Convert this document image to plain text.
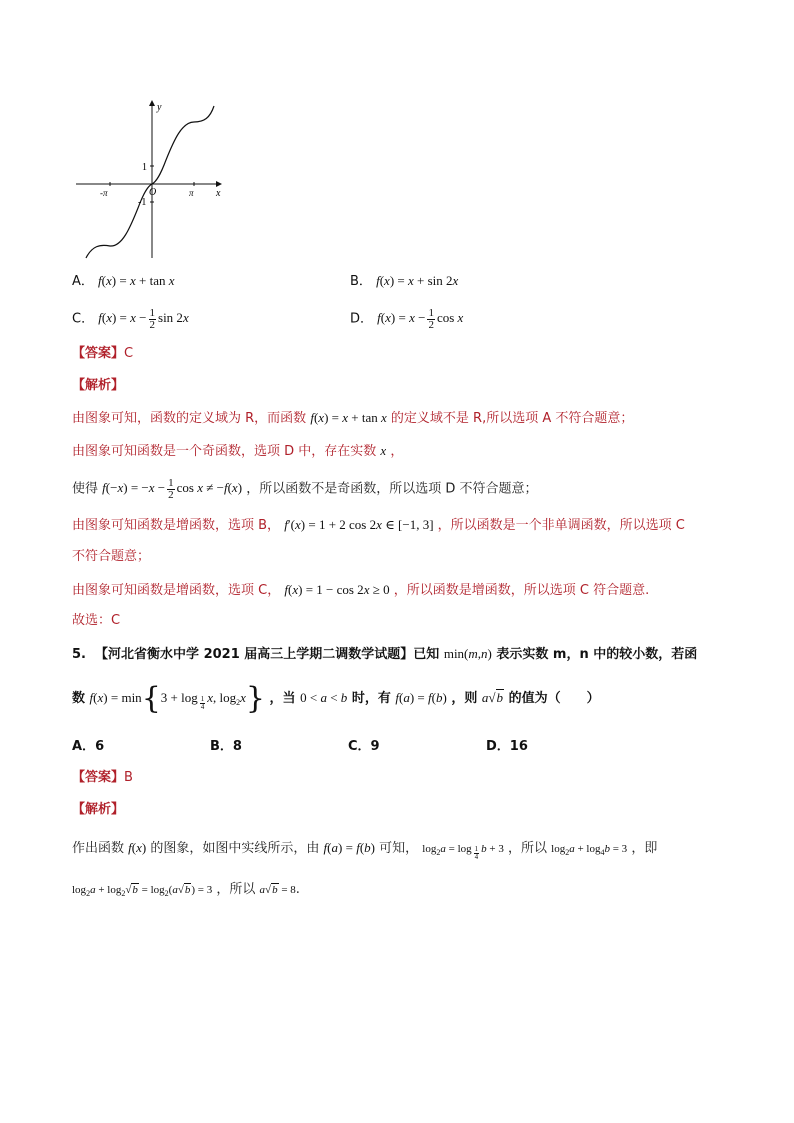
y
x
O
1
-1
-π	π
A． f(x) = x + tan x	B． f(x) = x + sin 2x
C． $f(x) = x - \frac{1}{2}$ sin 2x	D． $f(x) = x - \frac{1}{2}$ cos x
【答案】C
【解析】
由图象可知，函数的定义域为 R，而函数 f(x) = x + tan x 的定义域不是 R,所以选项 A 不符合题意；
由图象可知函数是一个奇函数，选项 D 中，存在实数 x ，
使得 $f(-x) = -x - \frac{1}{2}$ cos x ≠ −f(x) ，所以函数不是奇函数，所以选项 D 不符合题意；
由图象可知函数是增函数，选项 B， f′(x) = 1 + 2 cos 2x ∈ [−1, 3] ，所以函数是一个非单调函数，所以选项 C
不符合题意；
由图象可知函数是增函数，选项 C， f(x) = 1 − cos 2x ≥ 0 ，所以函数是增函数，所以选项 C 符合题意.
故选：C
5. 【河北省衡水中学 2021 届高三上学期二调数学试题】已知 min(m,n) 表示实数 m，n 中的较小数，若函
数 f(x) = min{3 + log $_{\frac{1}{4}}$ x, $\log_2x$} ，当 0 < a < b 时，有 f(a) = f(b) ，则 a√b 的值为（　　）
A．6	B．8	C．9	D．16
【答案】B
【解析】
作出函数 f(x) 的图象，如图中实线所示，由 f(a) = f(b) 可知， $\log_2a = \log _{\frac{1}{4}}$ b + 3 ，所以 $\log_2a + \log_4b = 3$ ，即
$\log_2a + \log_2√b = \log_2(a√b) = 3$ ，所以 a√b = 8.
